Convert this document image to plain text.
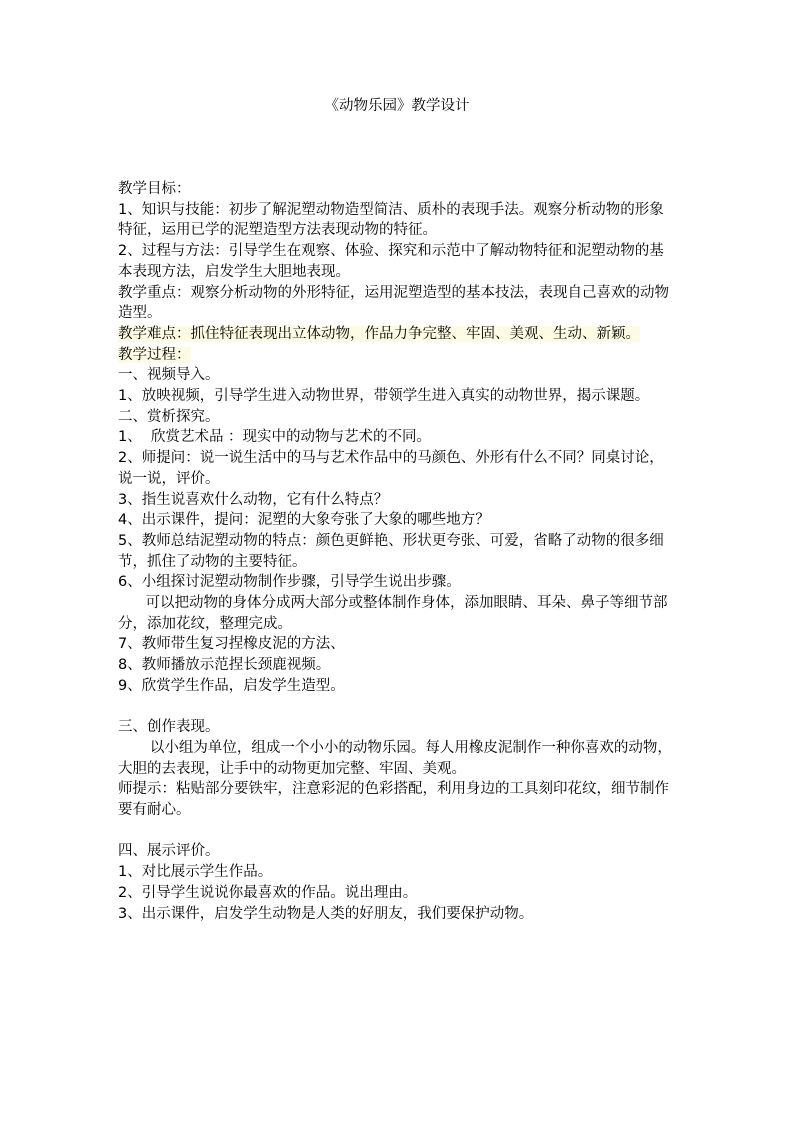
《动物乐园》教学设计

教学目标：

1、知识与技能：初步了解泥塑动物造型简洁、质朴的表现手法。观察分析动物的形象特征，运用已学的泥塑造型方法表现动物的特征。

2、过程与方法：引导学生在观察、体验、探究和示范中了解动物特征和泥塑动物的基本表现方法，启发学生大胆地表现。

教学重点：观察分析动物的外形特征，运用泥塑造型的基本技法，表现自己喜欢的动物造型。

教学难点：抓住特征表现出立体动物，作品力争完整、牢固、美观、生动、新颖。

教学过程：

一、视频导入。

1、放映视频，引导学生进入动物世界，带领学生进入真实的动物世界，揭示课题。

二、赏析探究。

1、  欣赏艺术品 ：现实中的动物与艺术的不同。

2、师提问：说一说生活中的马与艺术作品中的马颜色、外形有什么不同？同桌讨论，说一说，评价。

3、指生说喜欢什么动物，它有什么特点？

4、出示课件，提问：泥塑的大象夸张了大象的哪些地方？

5、教师总结泥塑动物的特点：颜色更鲜艳、形状更夸张、可爱，省略了动物的很多细节，抓住了动物的主要特征。

6、小组探讨泥塑动物制作步骤，引导学生说出步骤。

可以把动物的身体分成两大部分或整体制作身体，添加眼睛、耳朵、鼻子等细节部分，添加花纹，整理完成。

7、教师带生复习捏橡皮泥的方法、

8、教师播放示范捏长颈鹿视频。

9、欣赏学生作品，启发学生造型。

三、创作表现。

以小组为单位，组成一个小小的动物乐园。每人用橡皮泥制作一种你喜欢的动物，大胆的去表现，让手中的动物更加完整、牢固、美观。

师提示：粘贴部分要铁牢，注意彩泥的色彩搭配，利用身边的工具刻印花纹，细节制作要有耐心。

四、展示评价。

1、对比展示学生作品。

2、引导学生说说你最喜欢的作品。说出理由。

3、出示课件，启发学生动物是人类的好朋友，我们要保护动物。
